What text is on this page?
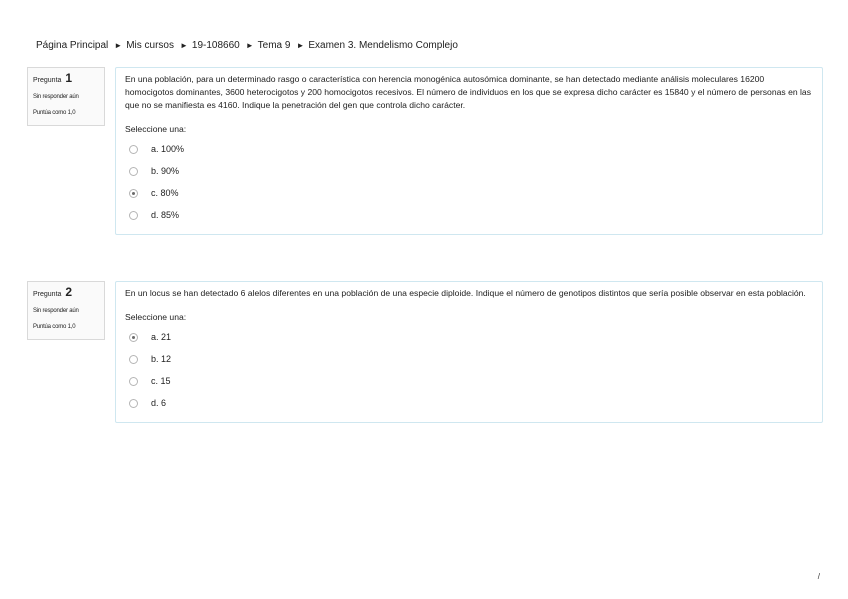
Página Principal ► Mis cursos ► 19-108660 ► Tema 9 ► Examen 3. Mendelismo Complejo
Pregunta 1
Sin responder aún
Puntúa como 1,0
En una población, para un determinado rasgo o característica con herencia monogénica autosómica dominante, se han detectado mediante análisis moleculares 16200 homocigotos dominantes, 3600 heterocigotos y 200 homocigotos recesivos. El número de individuos en los que se expresa dicho carácter es 15840 y el número de personas en las que no se manifiesta es 4160. Indique la penetración del gen que controla dicho carácter.
Seleccione una:
a. 100%
b. 90%
c. 80%
d. 85%
Pregunta 2
Sin responder aún
Puntúa como 1,0
En un locus se han detectado 6 alelos diferentes en una población de una especie diploide. Indique el número de genotipos distintos que sería posible observar en esta población.
Seleccione una:
a. 21
b. 12
c. 15
d. 6
/
